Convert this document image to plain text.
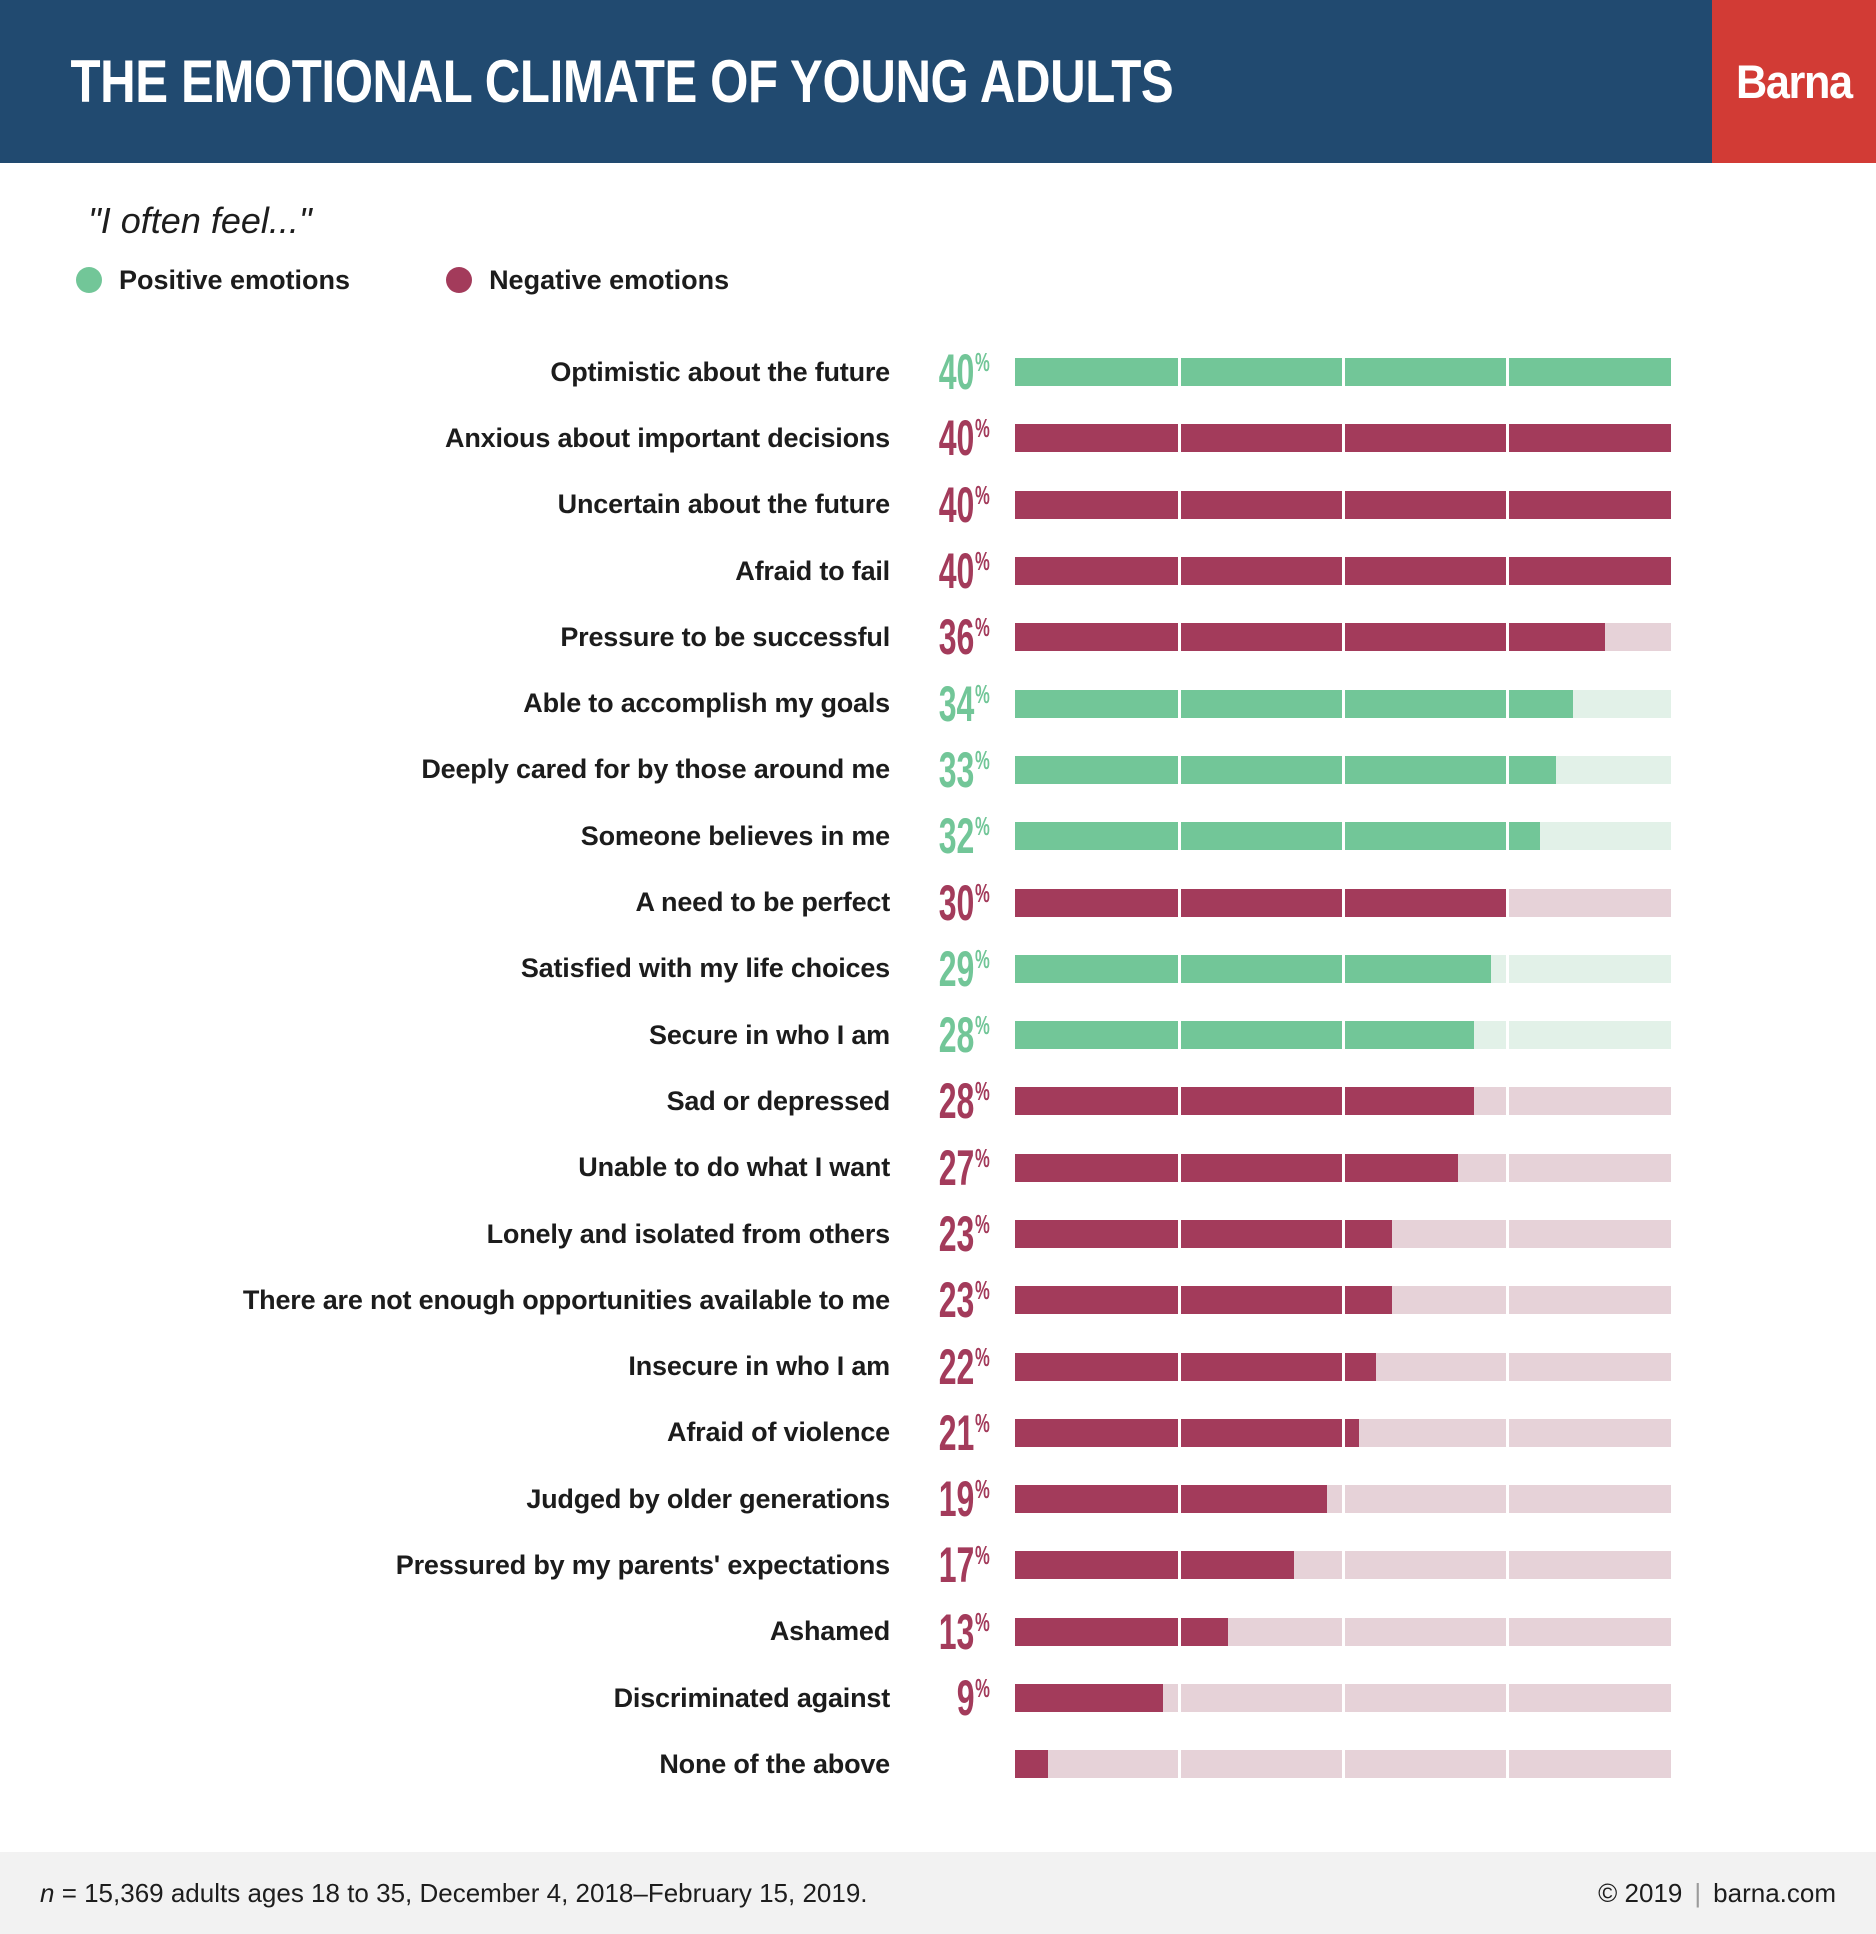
THE EMOTIONAL CLIMATE OF YOUNG ADULTS	Barna
"I often feel..."
Positive emotions	Negative emotions
Optimistic about the future 40%
Anxious about important decisions 40%
Uncertain about the future 40%
Afraid to fail 40%
Pressure to be successful 36%
Able to accomplish my goals 34%
Deeply cared for by those around me 33%
Someone believes in me 32%
A need to be perfect 30%
Satisfied with my life choices 29%
Secure in who I am 28%
Sad or depressed 28%
Unable to do what I want 27%
Lonely and isolated from others 23%
There are not enough opportunities available to me 23%
Insecure in who I am 22%
Afraid of violence 21%
Judged by older generations 19%
Pressured by my parents' expectations 17%
Ashamed 13%
Discriminated against 9%
None of the above
n = 15,369 adults ages 18 to 35, December 4, 2018–February 15, 2019.	© 2019 | barna.com
